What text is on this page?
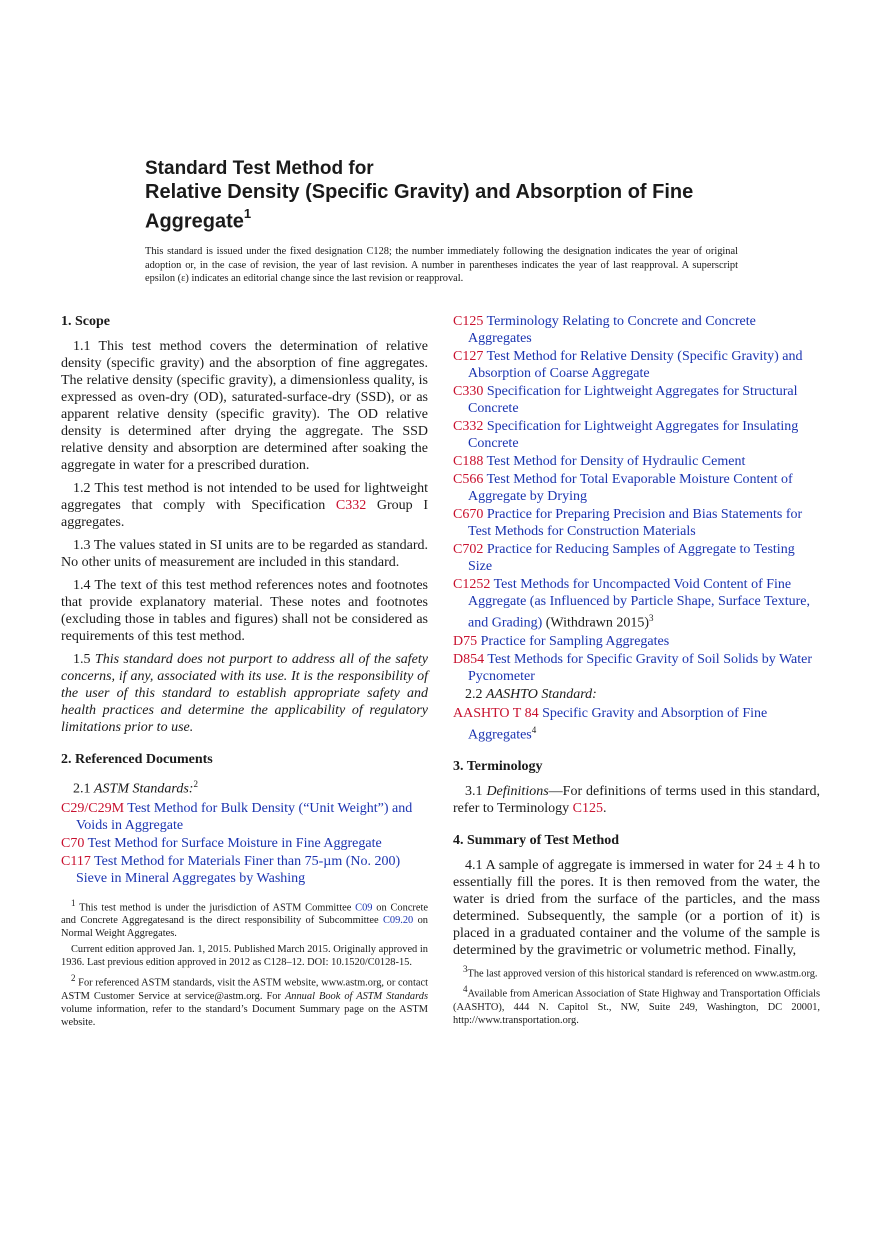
Standard Test Method for
Relative Density (Specific Gravity) and Absorption of Fine Aggregate$^1$
This standard is issued under the fixed designation C128; the number immediately following the designation indicates the year of original adoption or, in the case of revision, the year of last revision. A number in parentheses indicates the year of last reapproval. A superscript epsilon (ε) indicates an editorial change since the last revision or reapproval.
1. Scope

1.1 This test method covers the determination of relative density (specific gravity) and the absorption of fine aggregates. The relative density (specific gravity), a dimensionless quality, is expressed as oven-dry (OD), saturated-surface-dry (SSD), or as apparent relative density (specific gravity). The OD relative density is determined after drying the aggregate. The SSD relative density and absorption are determined after soaking the aggregate in water for a prescribed duration.

1.2 This test method is not intended to be used for lightweight aggregates that comply with Specification C332 Group I aggregates.

1.3 The values stated in SI units are to be regarded as standard. No other units of measurement are included in this standard.

1.4 The text of this test method references notes and footnotes that provide explanatory material. These notes and footnotes (excluding those in tables and figures) shall not be considered as requirements of this test method.

1.5 This standard does not purport to address all of the safety concerns, if any, associated with its use. It is the responsibility of the user of this standard to establish appropriate safety and health practices and determine the applicability of regulatory limitations prior to use.

2. Referenced Documents
2.1 ASTM Standards:$^2$
C29/C29M Test Method for Bulk Density (“Unit Weight”) and Voids in Aggregate
C70 Test Method for Surface Moisture in Fine Aggregate
C117 Test Method for Materials Finer than 75-µm (No. 200) Sieve in Mineral Aggregates by Washing

$^1$ This test method is under the jurisdiction of ASTM Committee C09 on Concrete and Concrete Aggregatesand is the direct responsibility of Subcommittee C09.20 on Normal Weight Aggregates.

Current edition approved Jan. 1, 2015. Published March 2015. Originally approved in 1936. Last previous edition approved in 2012 as C128–12. DOI: 10.1520/C0128-15.

$^2$ For referenced ASTM standards, visit the ASTM website, www.astm.org, or contact ASTM Customer Service at service@astm.org. For Annual Book of ASTM Standards volume information, refer to the standard’s Document Summary page on the ASTM website.

C125 Terminology Relating to Concrete and Concrete Aggregates
C127 Test Method for Relative Density (Specific Gravity) and Absorption of Coarse Aggregate
C330 Specification for Lightweight Aggregates for Structural Concrete
C332 Specification for Lightweight Aggregates for Insulating Concrete
C188 Test Method for Density of Hydraulic Cement
C566 Test Method for Total Evaporable Moisture Content of Aggregate by Drying
C670 Practice for Preparing Precision and Bias Statements for Test Methods for Construction Materials
C702 Practice for Reducing Samples of Aggregate to Testing Size
C1252 Test Methods for Uncompacted Void Content of Fine Aggregate (as Influenced by Particle Shape, Surface Texture, and Grading) (Withdrawn 2015)$^3$
D75 Practice for Sampling Aggregates
D854 Test Methods for Specific Gravity of Soil Solids by Water Pycnometer
2.2 AASHTO Standard:
AASHTO T 84 Specific Gravity and Absorption of Fine Aggregates$^4$
3. Terminology

3.1 Definitions—For definitions of terms used in this standard, refer to Terminology C125.

4. Summary of Test Method

4.1 A sample of aggregate is immersed in water for 24 ± 4 h to essentially fill the pores. It is then removed from the water, the water is dried from the surface of the particles, and the mass determined. Subsequently, the sample (or a portion of it) is placed in a graduated container and the volume of the sample is determined by the gravimetric or volumetric method. Finally,

$^3$The last approved version of this historical standard is referenced on www.astm.org.

$^4$Available from American Association of State Highway and Transportation Officials (AASHTO), 444 N. Capitol St., NW, Suite 249, Washington, DC 20001, http://www.transportation.org.
